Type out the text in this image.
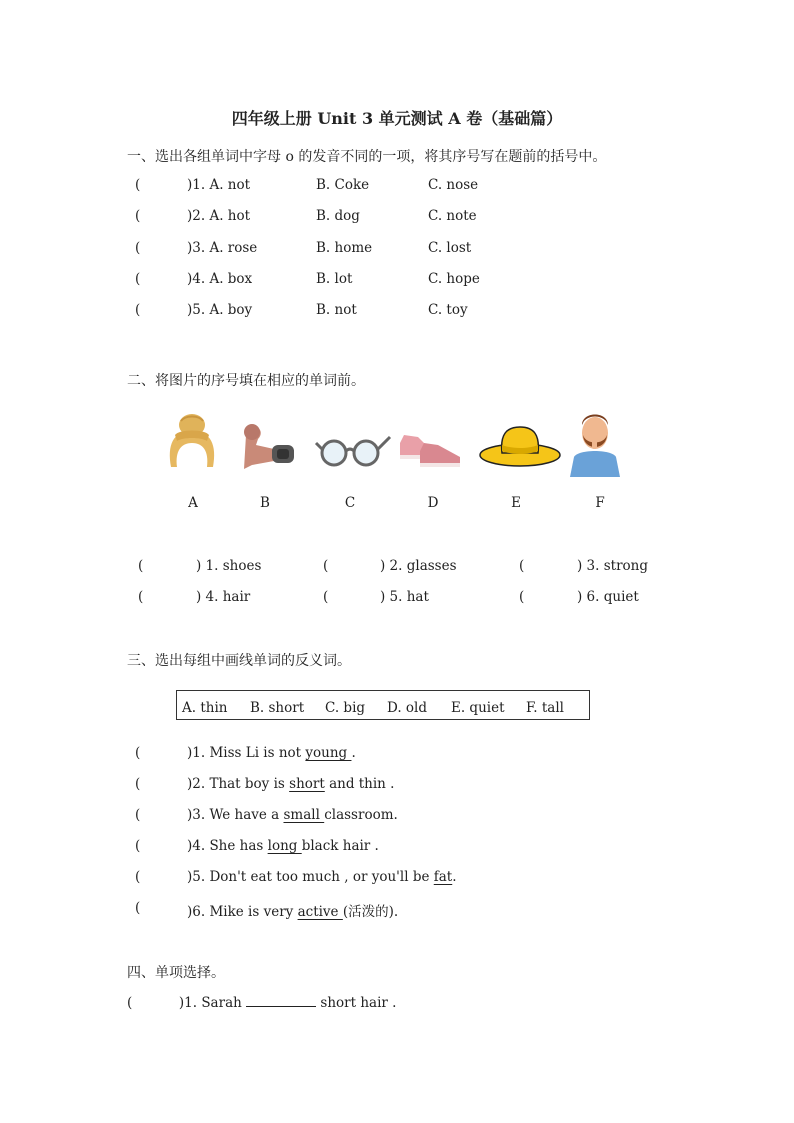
四年级上册 Unit 3 单元测试 A 卷（基础篇）
一、选出各组单词中字母 o 的发音不同的一项，将其序号写在题前的括号中。
(	)1. A. not	B. Coke	C. nose
(	)2. A. hot	B. dog	C. note
(	)3. A. rose	B. home	C. lost
(	)4. A. box	B. lot	C. hope
(	)5. A. boy	B. not	C. toy
二、将图片的序号填在相应的单词前。
A	B	C	D	E	F
(	) 1. shoes	(	) 2. glasses	(	) 3. strong
(	) 4. hair	(	) 5. hat	(	) 6. quiet
三、选出每组中画线单词的反义词。
A. thin B. short C. big D. old E. quiet F. tall
(	)1. Miss Li is not young .
(	)2. That boy is short and thin .
(	)3. We have a small classroom.
(	)4. She has long black hair .
(	)5. Don't eat too much , or you'll be fat.
(	)6. Mike is very active (活泼的).
四、单项选择。
(	)1. Sarah	short hair .
